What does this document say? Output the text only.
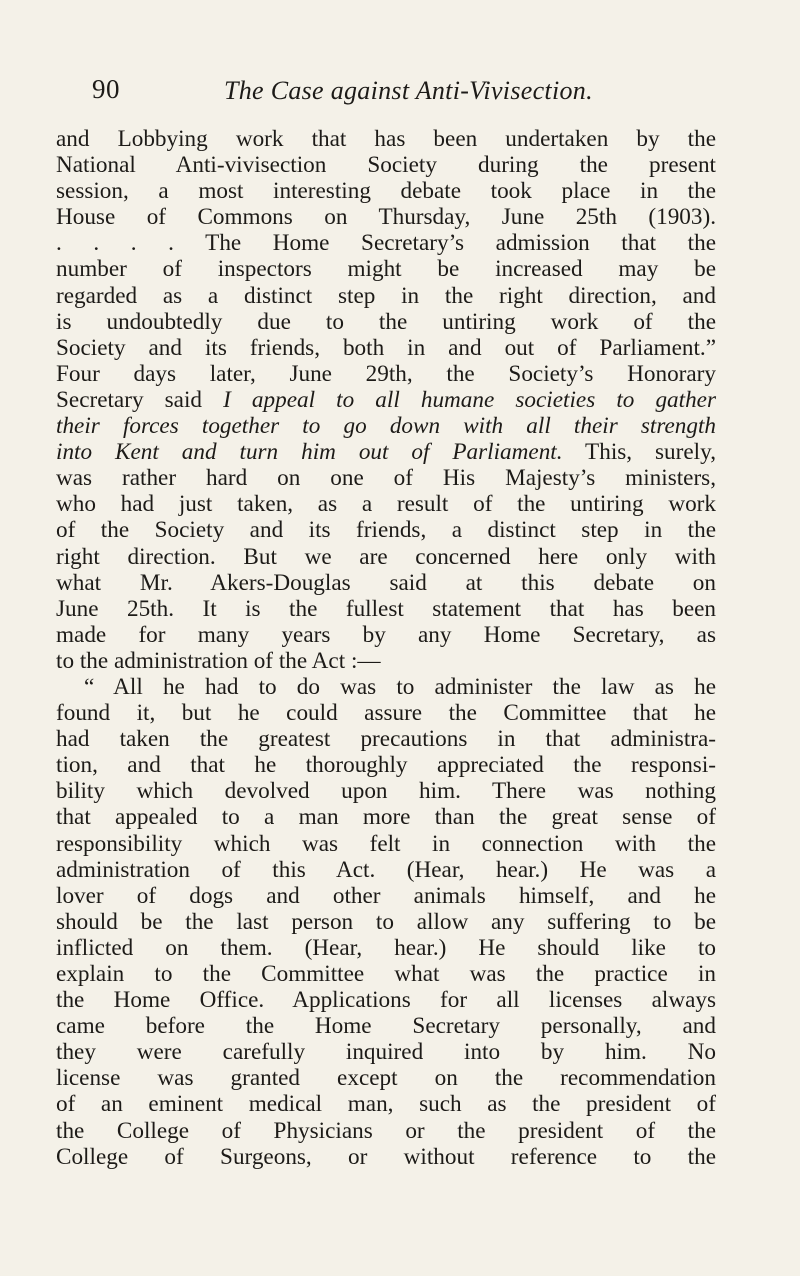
90	The Case against Anti-Vivisection.
and Lobbying work that has been undertaken by the
National Anti-vivisection Society during the present
session, a most interesting debate took place in the
House of Commons on Thursday, June 25th (1903).
. . . . The Home Secretary’s admission that the
number of inspectors might be increased may be
regarded as a distinct step in the right direction, and
is undoubtedly due to the untiring work of the
Society and its friends, both in and out of Parliament.”
Four days later, June 29th, the Society’s Honorary
Secretary said I appeal to all humane societies to gather
their forces together to go down with all their strength
into Kent and turn him out of Parliament. This, surely,
was rather hard on one of His Majesty’s ministers,
who had just taken, as a result of the untiring work
of the Society and its friends, a distinct step in the
right direction. But we are concerned here only with
what Mr. Akers-Douglas said at this debate on
June 25th. It is the fullest statement that has been
made for many years by any Home Secretary, as
to the administration of the Act :—
“ All he had to do was to administer the law as he
found it, but he could assure the Committee that he
had taken the greatest precautions in that administra-
tion, and that he thoroughly appreciated the responsi-
bility which devolved upon him. There was nothing
that appealed to a man more than the great sense of
responsibility which was felt in connection with the
administration of this Act. (Hear, hear.) He was a
lover of dogs and other animals himself, and he
should be the last person to allow any suffering to be
inflicted on them. (Hear, hear.) He should like to
explain to the Committee what was the practice in
the Home Office. Applications for all licenses always
came before the Home Secretary personally, and
they were carefully inquired into by him. No
license was granted except on the recommendation
of an eminent medical man, such as the president of
the College of Physicians or the president of the
College of Surgeons, or without reference to the
